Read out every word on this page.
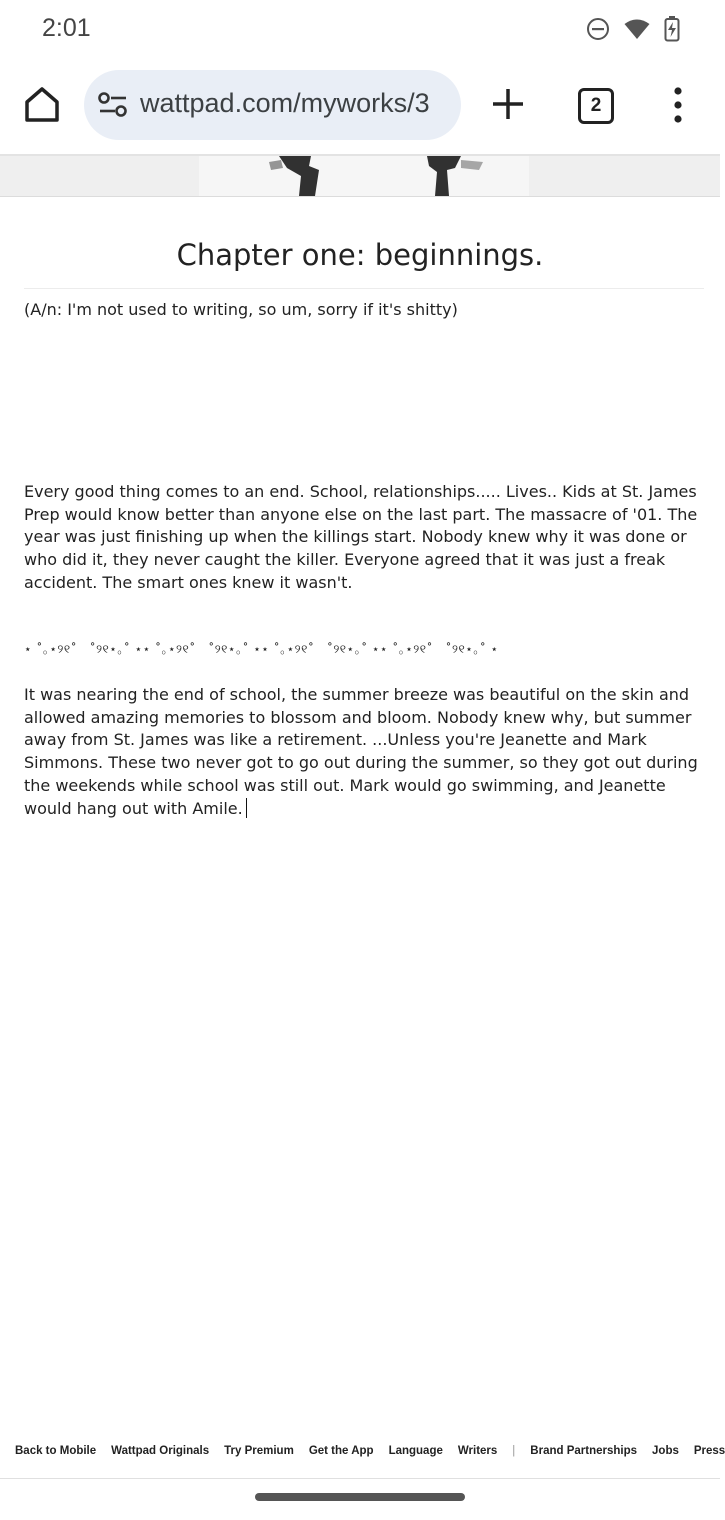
2:01
wattpad.com/myworks/3	2
Chapter one: beginnings.

(A/n: I'm not used to writing, so um, sorry if it's shitty)

Every good thing comes to an end. School, relationships..... Lives.. Kids at St. James Prep would know better than anyone else on the last part. The massacre of '01. The year was just finishing up when the killings start. Nobody knew why it was done or who did it, they never caught the killer. Everyone agreed that it was just a freak accident. The smart ones knew it wasn't.

⋆ ˚｡⋆୨୧˚　˚୨୧⋆｡˚ ⋆⋆ ˚｡⋆୨୧˚　˚୨୧⋆｡˚ ⋆⋆ ˚｡⋆୨୧˚　˚୨୧⋆｡˚ ⋆⋆ ˚｡⋆୨୧˚　˚୨୧⋆｡˚ ⋆

It was nearing the end of school, the summer breeze was beautiful on the skin and allowed amazing memories to blossom and bloom. Nobody knew why, but summer away from St. James was like a retirement. ...Unless you're Jeanette and Mark Simmons. These two never got to go out during the summer, so they got out during the weekends while school was still out. Mark would go swimming, and Jeanette would hang out with Amile.

Back to Mobile Wattpad Originals Try Premium Get the App Language Writers | Brand Partnerships Jobs Press
